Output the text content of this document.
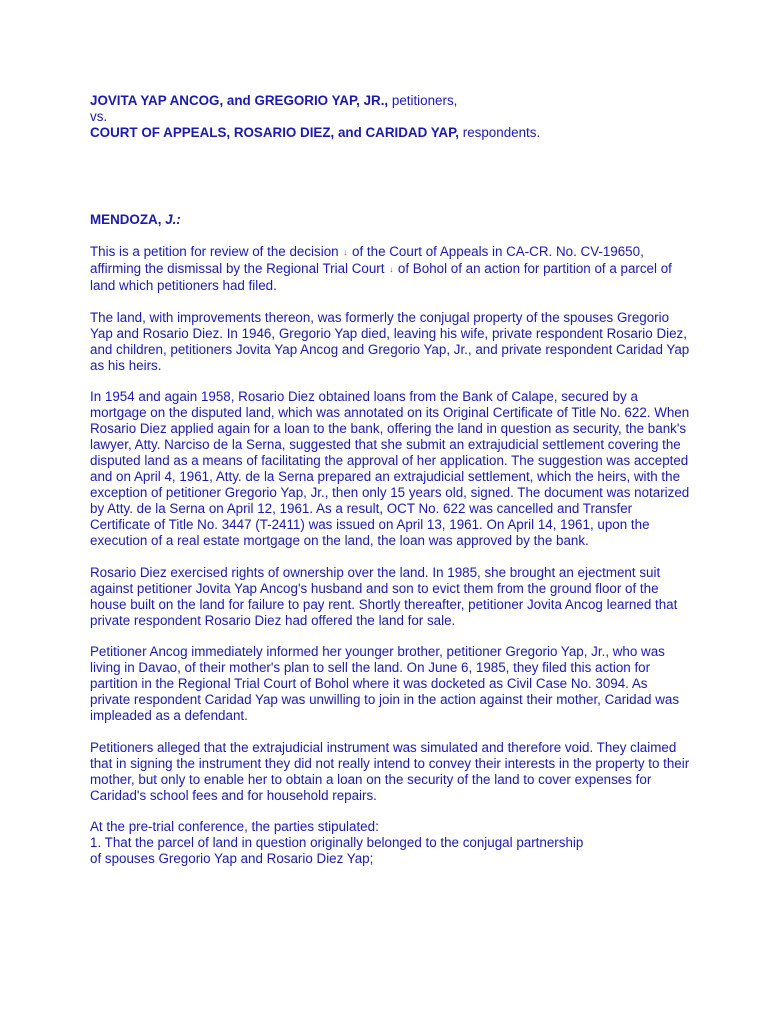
JOVITA YAP ANCOG, and GREGORIO YAP, JR., petitioners,
vs.
COURT OF APPEALS, ROSARIO DIEZ, and CARIDAD YAP, respondents.
MENDOZA, J.:

This is a petition for review of the decision ↓ of the Court of Appeals in CA-CR. No. CV-19650, affirming the dismissal by the Regional Trial Court ↓ of Bohol of an action for partition of a parcel of land which petitioners had filed.

The land, with improvements thereon, was formerly the conjugal property of the spouses Gregorio Yap and Rosario Diez. In 1946, Gregorio Yap died, leaving his wife, private respondent Rosario Diez, and children, petitioners Jovita Yap Ancog and Gregorio Yap, Jr., and private respondent Caridad Yap as his heirs.

In 1954 and again 1958, Rosario Diez obtained loans from the Bank of Calape, secured by a mortgage on the disputed land, which was annotated on its Original Certificate of Title No. 622. When Rosario Diez applied again for a loan to the bank, offering the land in question as security, the bank's lawyer, Atty. Narciso de la Serna, suggested that she submit an extrajudicial settlement covering the disputed land as a means of facilitating the approval of her application. The suggestion was accepted and on April 4, 1961, Atty. de la Serna prepared an extrajudicial settlement, which the heirs, with the exception of petitioner Gregorio Yap, Jr., then only 15 years old, signed. The document was notarized by Atty. de la Serna on April 12, 1961. As a result, OCT No. 622 was cancelled and Transfer Certificate of Title No. 3447 (T-2411) was issued on April 13, 1961. On April 14, 1961, upon the execution of a real estate mortgage on the land, the loan was approved by the bank.

Rosario Diez exercised rights of ownership over the land. In 1985, she brought an ejectment suit against petitioner Jovita Yap Ancog's husband and son to evict them from the ground floor of the house built on the land for failure to pay rent. Shortly thereafter, petitioner Jovita Ancog learned that private respondent Rosario Diez had offered the land for sale.

Petitioner Ancog immediately informed her younger brother, petitioner Gregorio Yap, Jr., who was living in Davao, of their mother's plan to sell the land. On June 6, 1985, they filed this action for partition in the Regional Trial Court of Bohol where it was docketed as Civil Case No. 3094. As private respondent Caridad Yap was unwilling to join in the action against their mother, Caridad was impleaded as a defendant.

Petitioners alleged that the extrajudicial instrument was simulated and therefore void. They claimed that in signing the instrument they did not really intend to convey their interests in the property to their mother, but only to enable her to obtain a loan on the security of the land to cover expenses for Caridad's school fees and for household repairs.

At the pre-trial conference, the parties stipulated:

1. That the parcel of land in question originally belonged to the conjugal partnership of spouses Gregorio Yap and Rosario Diez Yap;
